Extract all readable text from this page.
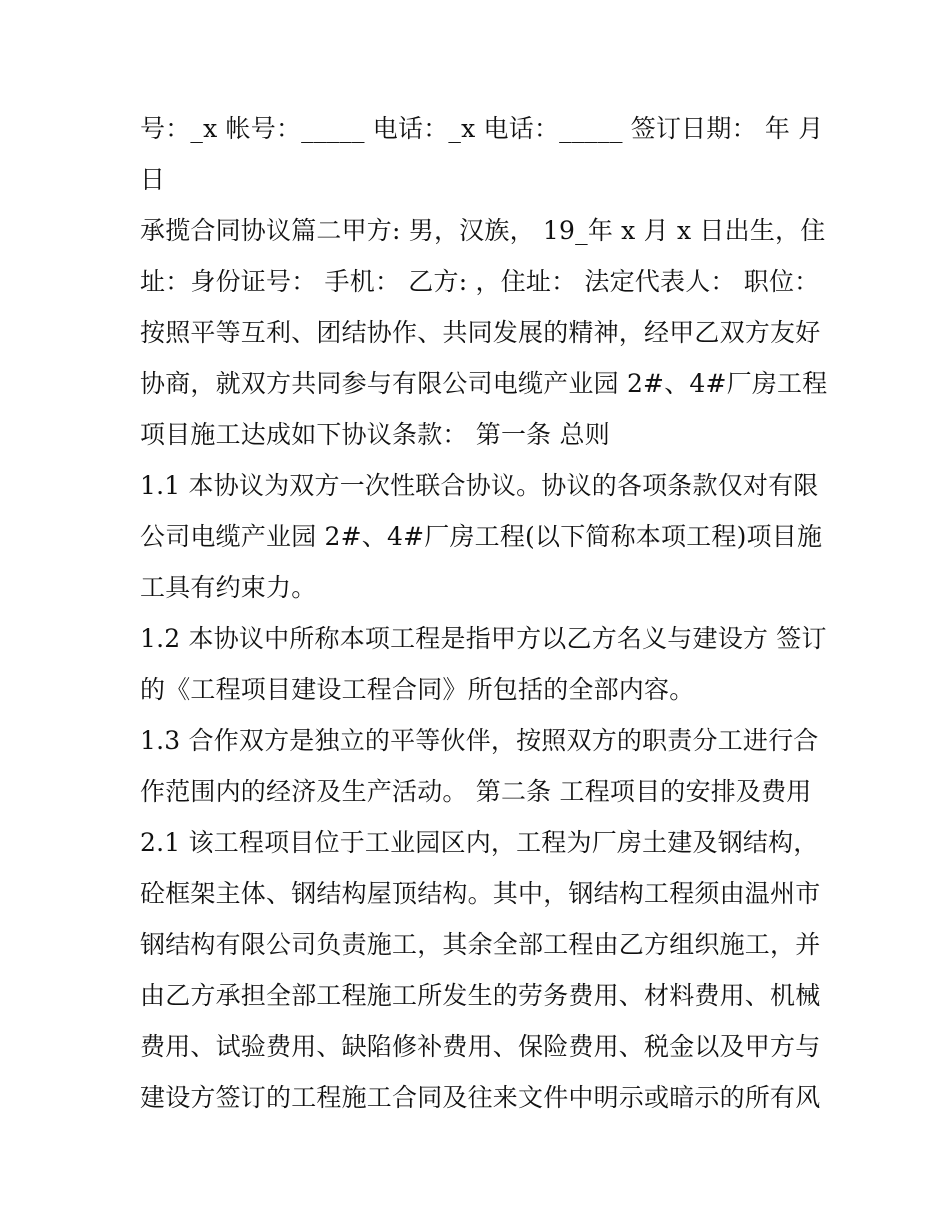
号：_x 帐号：_____ 电话：_x 电话：_____ 签订日期： 年 月
日
承揽合同协议篇二甲方: 男，汉族， 19_年 x 月 x 日出生，住
址：身份证号： 手机： 乙方: ，住址： 法定代表人： 职位：
按照平等互利、团结协作、共同发展的精神，经甲乙双方友好
协商，就双方共同参与有限公司电缆产业园 2#、4#厂房工程
项目施工达成如下协议条款： 第一条 总则
1.1 本协议为双方一次性联合协议。协议的各项条款仅对有限
公司电缆产业园 2#、4#厂房工程(以下简称本项工程)项目施
工具有约束力。
1.2 本协议中所称本项工程是指甲方以乙方名义与建设方 签订
的《工程项目建设工程合同》所包括的全部内容。
1.3 合作双方是独立的平等伙伴，按照双方的职责分工进行合
作范围内的经济及生产活动。 第二条 工程项目的安排及费用
2.1 该工程项目位于工业园区内，工程为厂房土建及钢结构，
砼框架主体、钢结构屋顶结构。其中，钢结构工程须由温州市
钢结构有限公司负责施工，其余全部工程由乙方组织施工，并
由乙方承担全部工程施工所发生的劳务费用、材料费用、机械
费用、试验费用、缺陷修补费用、保险费用、税金以及甲方与
建设方签订的工程施工合同及往来文件中明示或暗示的所有风
